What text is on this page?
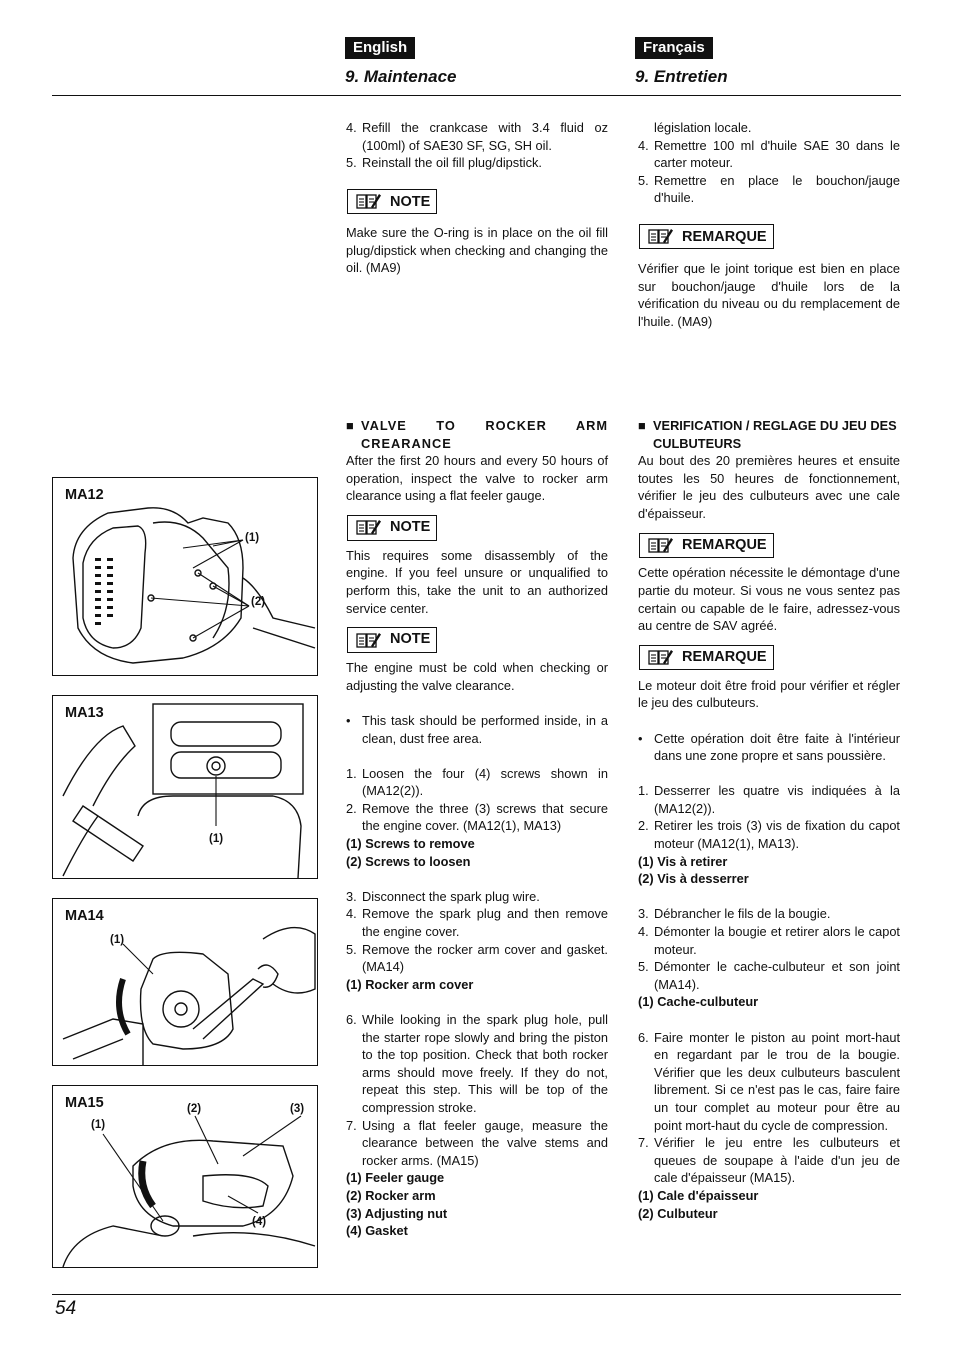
English	Français
9. Maintenace	9. Entretien
4. Refill the crankcase with 3.4 fluid oz (100ml) of SAE30 SF, SG, SH oil.
5. Reinstall the oil fill plug/dipstick.
NOTE
Make sure the O-ring is in place on the oil fill plug/dipstick when checking and changing the oil. (MA9)
législation locale.
4. Remettre 100 ml d'huile SAE 30 dans le carter moteur.
5. Remettre en place le bouchon/jauge d'huile.
REMARQUE
Vérifier que le joint torique est bien en place sur bouchon/jauge d'huile lors de la vérification du niveau ou du remplacement de l'huile. (MA9)
■ VALVE TO ROCKER ARM CREARANCE

After the first 20 hours and every 50 hours of operation, inspect the valve to rocker arm clearance using a flat feeler gauge.

NOTE

This requires some disassembly of the engine. If you feel unsure or unqualified to perform this, take the unit to an authorized service center.

NOTE

The engine must be cold when checking or adjusting the valve clearance.

• This task should be performed inside, in a clean, dust free area.
1. Loosen the four (4) screws shown in (MA12(2)).
2. Remove the three (3) screws that secure the engine cover. (MA12(1), MA13)

(1) Screws to remove

(2) Screws to loosen

3. Disconnect the spark plug wire.
4. Remove the spark plug and then remove the engine cover.
5. Remove the rocker arm cover and gasket. (MA14)

(1) Rocker arm cover

6. While looking in the spark plug hole, pull the starter rope slowly and bring the piston to the top position. Check that both rocker arms should move freely. If they do not, repeat this step. This will be top of the compression stroke.
7. Using a flat feeler gauge, measure the clearance between the valve stems and rocker arms. (MA15)

(1) Feeler gauge

(2) Rocker arm

(3) Adjusting nut

(4) Gasket

■ VERIFICATION / REGLAGE DU JEU DES CULBUTEURS

Au bout des 20 premières heures et ensuite toutes les 50 heures de fonctionnement, vérifier le jeu des culbuteurs avec une cale d'épaisseur.

REMARQUE

Cette opération nécessite le démontage d'une partie du moteur. Si vous ne vous sentez pas certain ou capable de le faire, adressez-vous au centre de SAV agréé.

REMARQUE

Le moteur doit être froid pour vérifier et régler le jeu des culbuteurs.

• Cette opération doit être faite à l'intérieur dans une zone propre et sans poussière.
1. Desserrer les quatre vis indiquées à la (MA12(2)).
2. Retirer les trois (3) vis de fixation du capot moteur (MA12(1), MA13).

(1) Vis à retirer

(2) Vis à desserrer

3. Débrancher le fils de la bougie.
4. Démonter la bougie et retirer alors le capot moteur.
5. Démonter le cache-culbuteur et son joint (MA14).

(1) Cache-culbuteur

6. Faire monter le piston au point mort-haut en regardant par le trou de la bougie. Vérifier que les deux culbuteurs basculent librement. Si ce n'est pas le cas, faire faire un tour complet au moteur pour être au point mort-haut du cycle de compression.
7. Vérifier le jeu entre les culbuteurs et queues de soupape à l'aide d'un jeu de cale d'épaisseur (MA15).

(1) Cale d'épaisseur

(2) Culbuteur

MA12
(1)
(2)
MA13
(1)
MA14
(1)
MA15	(2)	(3)
(1)
(4)
54
